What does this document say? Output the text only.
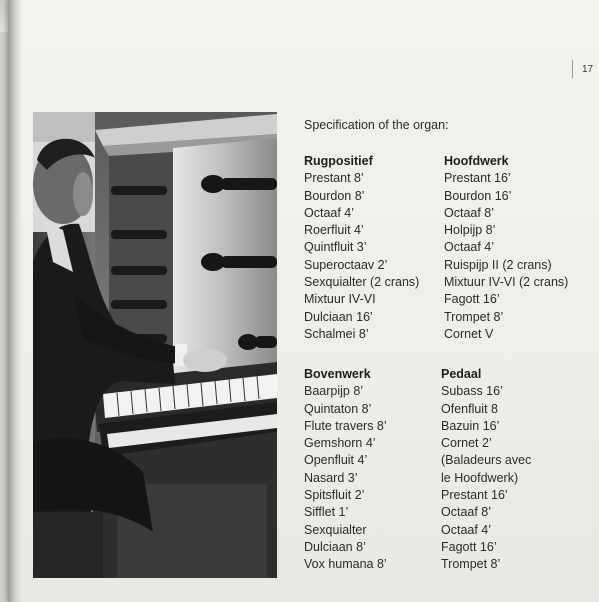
17
Specification of the organ:
Rugpositief
Prestant 8’
Bourdon 8’
Octaaf 4’
Roerfluit 4’
Quintfluit 3’
Superoctaav 2’
Sexquialter (2 crans)
Mixtuur IV-VI
Dulciaan 16’
Schalmei 8’
Hoofdwerk
Prestant 16’
Bourdon 16’
Octaaf 8’
Holpijp 8’
Octaaf 4’
Ruispijp II (2 crans)
Mixtuur IV-VI (2 crans)
Fagott 16’
Trompet 8’
Cornet V
Bovenwerk
Baarpijp 8’
Quintaton 8’
Flute travers 8’
Gemshorn 4’
Openfluit 4’
Nasard 3’
Spitsfluit 2’
Sifflet 1’
Sexquialter
Dulciaan 8’
Vox humana 8’
Pedaal
Subass 16’
Ofenfluit 8
Bazuin 16’
Cornet 2’
(Baladeurs avec
le Hoofdwerk)
Prestant 16’
Octaaf 8’
Octaaf 4’
Fagott 16’
Trompet 8’
